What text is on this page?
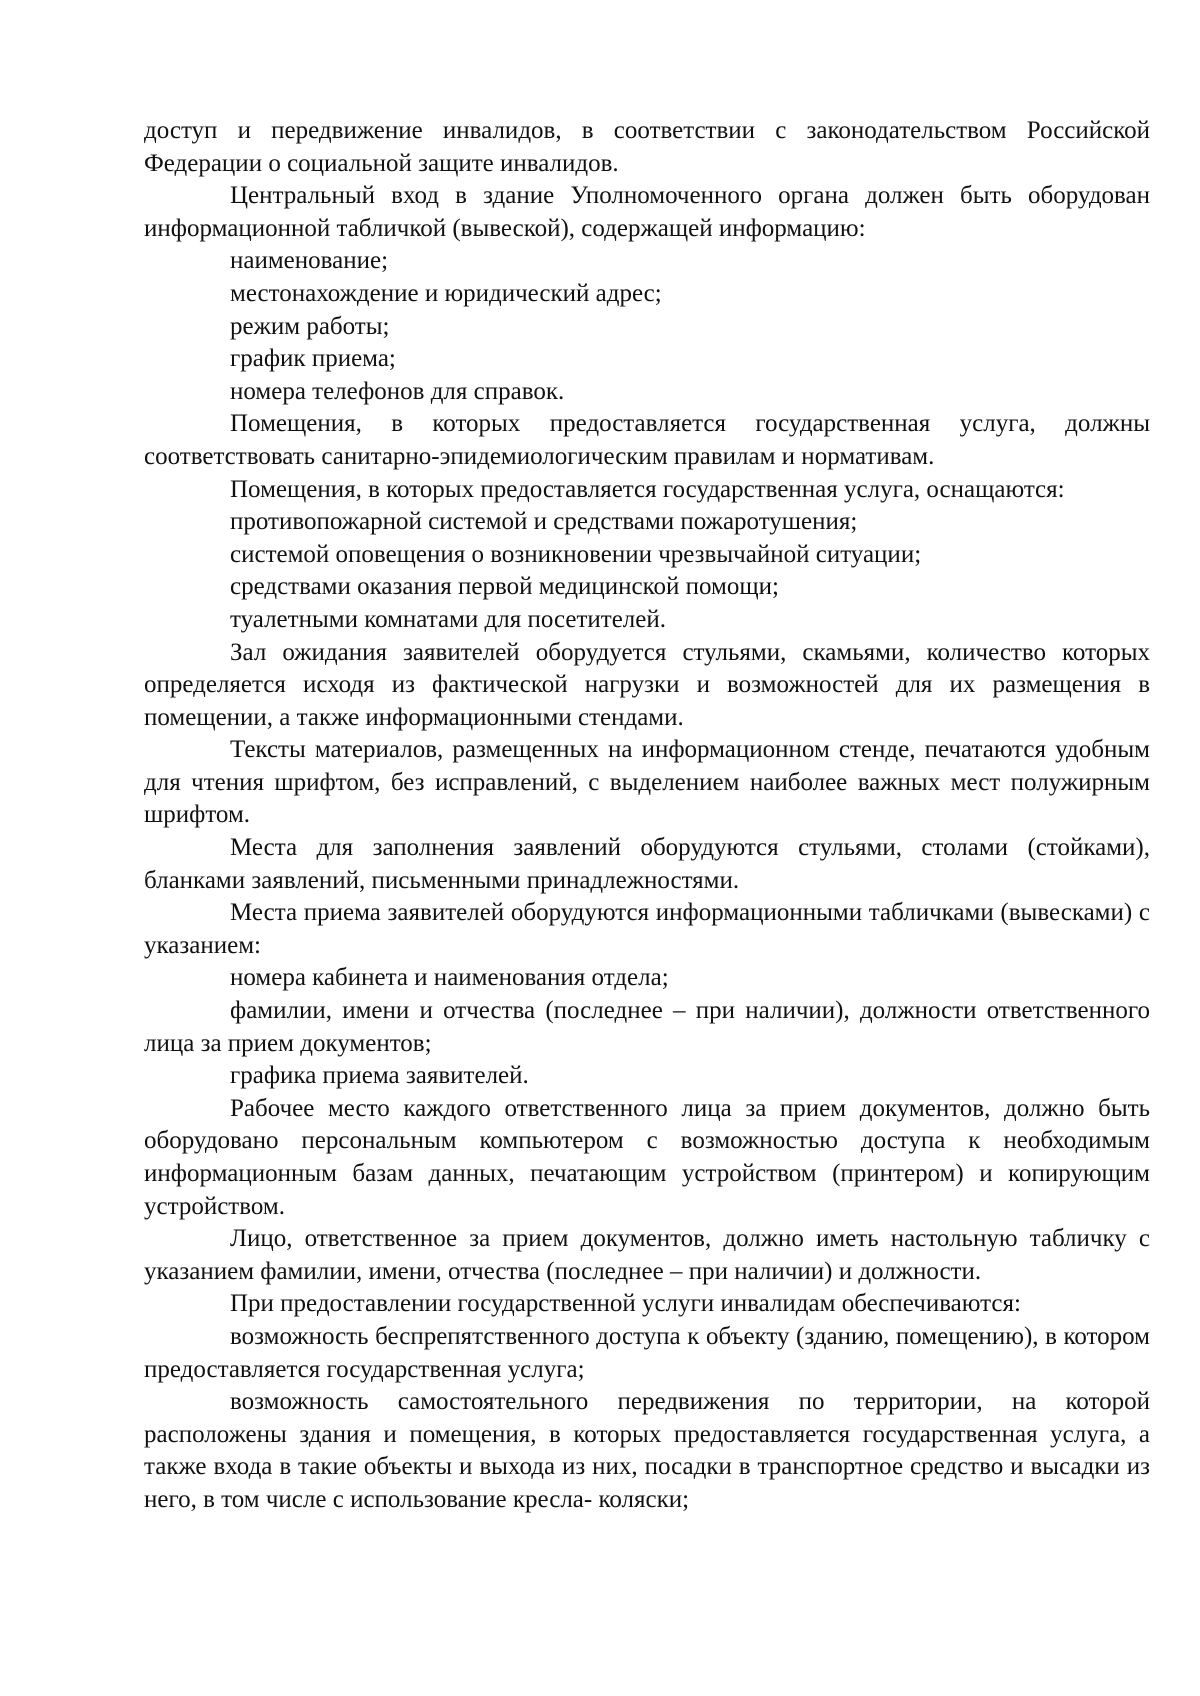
доступ и передвижение инвалидов, в соответствии с законодательством Российской Федерации о социальной защите инвалидов.

Центральный вход в здание Уполномоченного органа должен быть оборудован информационной табличкой (вывеской), содержащей информацию:

наименование;

местонахождение и юридический адрес;

режим работы;

график приема;

номера телефонов для справок.

Помещения, в которых предоставляется государственная услуга, должны соответствовать санитарно-эпидемиологическим правилам и нормативам.

Помещения, в которых предоставляется государственная услуга, оснащаются:

противопожарной системой и средствами пожаротушения;

системой оповещения о возникновении чрезвычайной ситуации;

средствами оказания первой медицинской помощи;

туалетными комнатами для посетителей.

Зал ожидания заявителей оборудуется стульями, скамьями, количество которых определяется исходя из фактической нагрузки и возможностей для их размещения в помещении, а также информационными стендами.

Тексты материалов, размещенных на информационном стенде, печатаются удобным для чтения шрифтом, без исправлений, с выделением наиболее важных мест полужирным шрифтом.

Места для заполнения заявлений оборудуются стульями, столами (стойками), бланками заявлений, письменными принадлежностями.

Места приема заявителей оборудуются информационными табличками (вывесками) с указанием:

номера кабинета и наименования отдела;

фамилии, имени и отчества (последнее – при наличии), должности ответственного лица за прием документов;

графика приема заявителей.

Рабочее место каждого ответственного лица за прием документов, должно быть оборудовано персональным компьютером с возможностью доступа к необходимым информационным базам данных, печатающим устройством (принтером) и копирующим устройством.

Лицо, ответственное за прием документов, должно иметь настольную табличку с указанием фамилии, имени, отчества (последнее – при наличии) и должности.

При предоставлении государственной услуги инвалидам обеспечиваются:

возможность беспрепятственного доступа к объекту (зданию, помещению), в котором предоставляется государственная услуга;

возможность самостоятельного передвижения по территории, на которой расположены здания и помещения, в которых предоставляется государственная услуга, а также входа в такие объекты и выхода из них, посадки в транспортное средство и высадки из него, в том числе с использование кресла- коляски;
